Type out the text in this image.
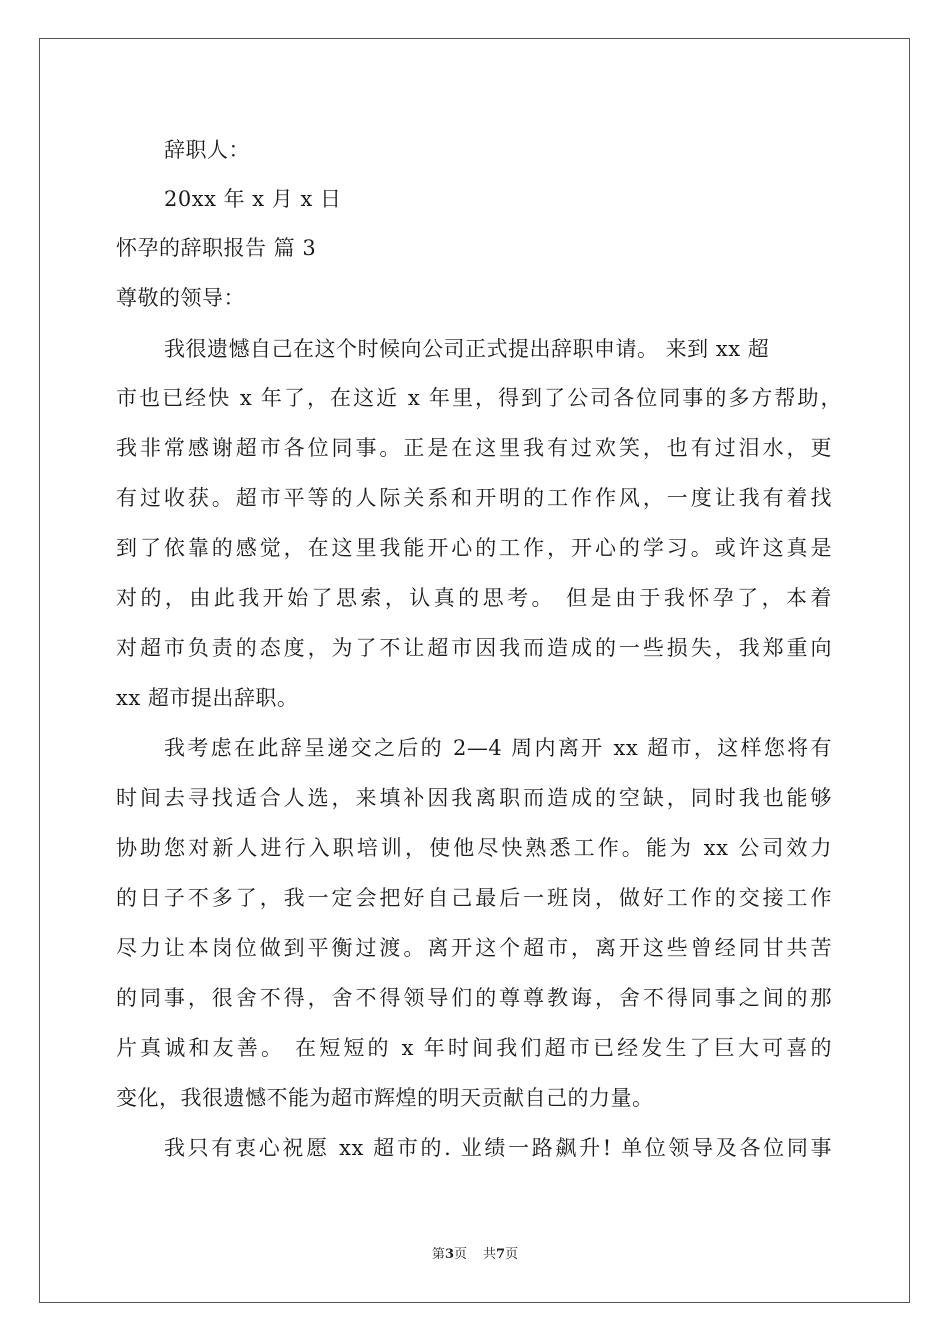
辞职人：
20xx 年 x 月 x 日
怀孕的辞职报告 篇 3
尊敬的领导：
我很遗憾自己在这个时候向公司正式提出辞职申请。 来到 xx 超
市也已经快 x 年了，在这近 x 年里，得到了公司各位同事的多方帮助，
我非常感谢超市各位同事。正是在这里我有过欢笑，也有过泪水，更
有过收获。超市平等的人际关系和开明的工作作风，一度让我有着找
到了依靠的感觉，在这里我能开心的工作，开心的学习。或许这真是
对的，由此我开始了思索，认真的思考。 但是由于我怀孕了，本着
对超市负责的态度，为了不让超市因我而造成的一些损失，我郑重向
xx 超市提出辞职。
我考虑在此辞呈递交之后的 2—4 周内离开 xx 超市，这样您将有
时间去寻找适合人选，来填补因我离职而造成的空缺，同时我也能够
协助您对新人进行入职培训，使他尽快熟悉工作。能为 xx 公司效力
的日子不多了，我一定会把好自己最后一班岗，做好工作的交接工作
尽力让本岗位做到平衡过渡。离开这个超市，离开这些曾经同甘共苦
的同事，很舍不得，舍不得领导们的尊尊教诲，舍不得同事之间的那
片真诚和友善。 在短短的 x 年时间我们超市已经发生了巨大可喜的
变化，我很遗憾不能为超市辉煌的明天贡献自己的力量。
我只有衷心祝愿 xx 超市的. 业绩一路飙升! 单位领导及各位同事
第3页 共7页
